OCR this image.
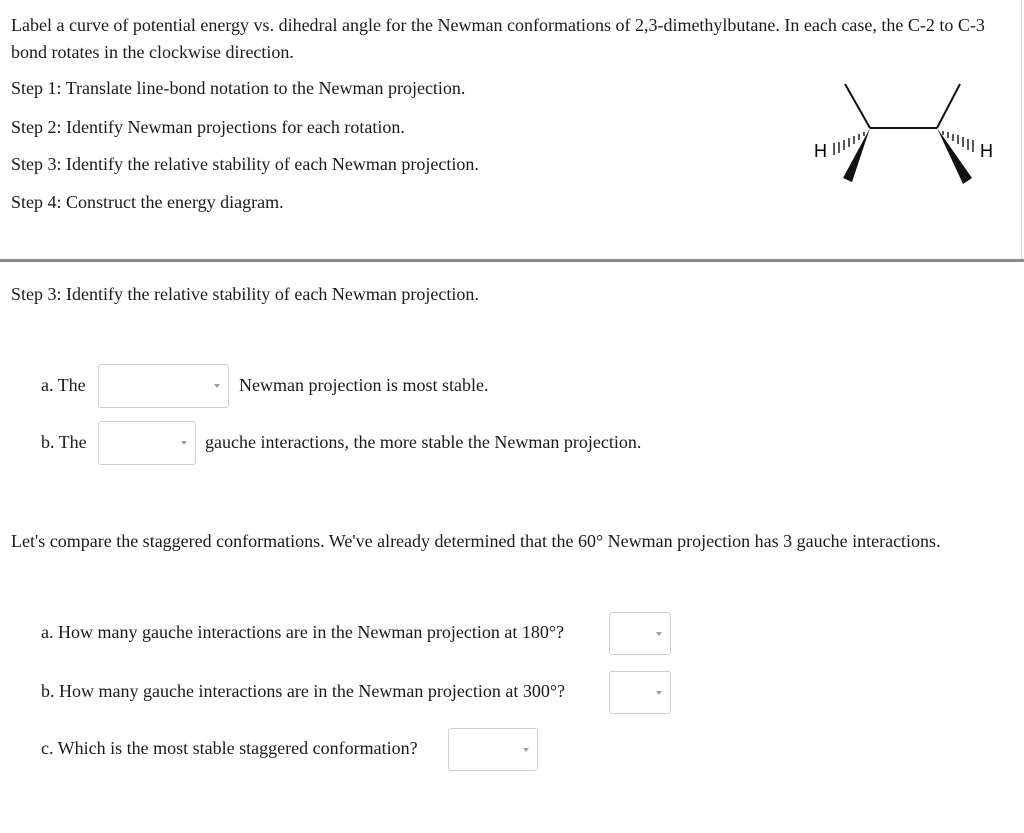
Label a curve of potential energy vs. dihedral angle for the Newman conformations of 2,3-dimethylbutane. In each case, the C-2 to C-3 bond rotates in the clockwise direction.
Step 1: Translate line-bond notation to the Newman projection.
Step 2: Identify Newman projections for each rotation.
Step 3: Identify the relative stability of each Newman projection.
Step 4: Construct the energy diagram.
H	H
Step 3: Identify the relative stability of each Newman projection.
a. The	Newman projection is most stable.
b. The	gauche interactions, the more stable the Newman projection.
Let's compare the staggered conformations. We've already determined that the 60° Newman projection has 3 gauche interactions.
a. How many gauche interactions are in the Newman projection at 180°?
b. How many gauche interactions are in the Newman projection at 300°?
c. Which is the most stable staggered conformation?
